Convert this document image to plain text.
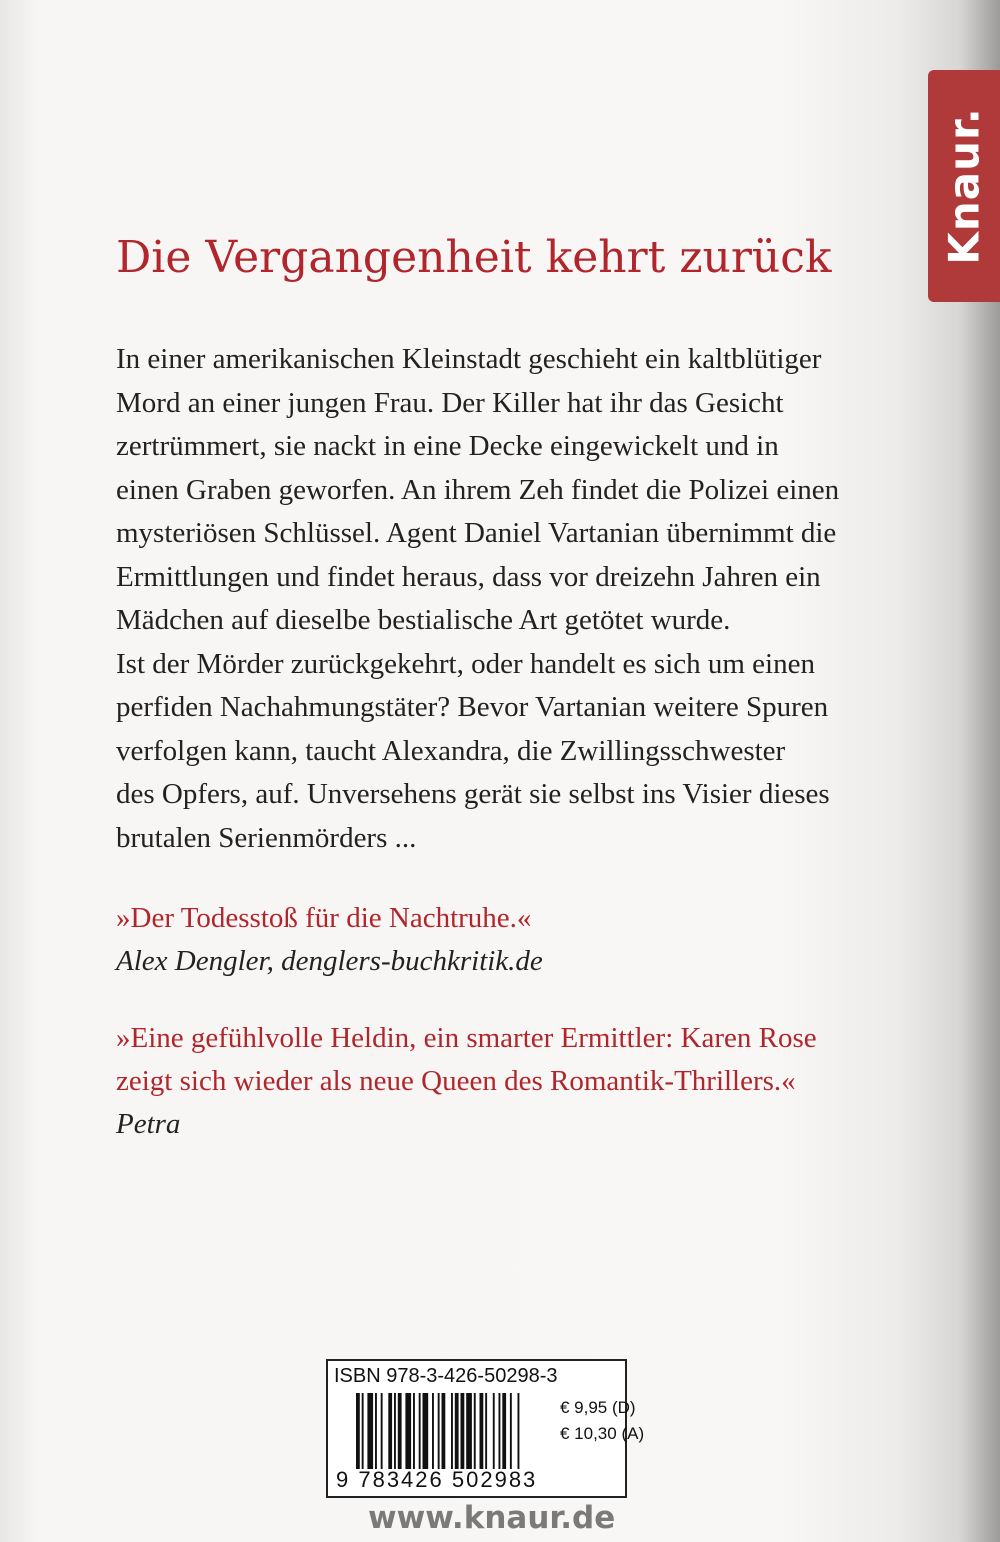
Knaur.
Die Vergangenheit kehrt zurück
In einer amerikanischen Kleinstadt geschieht ein kaltblütiger
Mord an einer jungen Frau. Der Killer hat ihr das Gesicht
zertrümmert, sie nackt in eine Decke eingewickelt und in
einen Graben geworfen. An ihrem Zeh findet die Polizei einen
mysteriösen Schlüssel. Agent Daniel Vartanian übernimmt die
Ermittlungen und findet heraus, dass vor dreizehn Jahren ein
Mädchen auf dieselbe bestialische Art getötet wurde.
Ist der Mörder zurückgekehrt, oder handelt es sich um einen
perfiden Nachahmungstäter? Bevor Vartanian weitere Spuren
verfolgen kann, taucht Alexandra, die Zwillingsschwester
des Opfers, auf. Unversehens gerät sie selbst ins Visier dieses
brutalen Serienmörders ...
»Der Todesstoß für die Nachtruhe.«
Alex Dengler, denglers-buchkritik.de
»Eine gefühlvolle Heldin, ein smarter Ermittler: Karen Rose
zeigt sich wieder als neue Queen des Romantik-Thrillers.«
Petra
ISBN 978-3-426-50298-3
9 783426 502983
€ 9,95 (D)
€ 10,30 (A)
www.knaur.de
